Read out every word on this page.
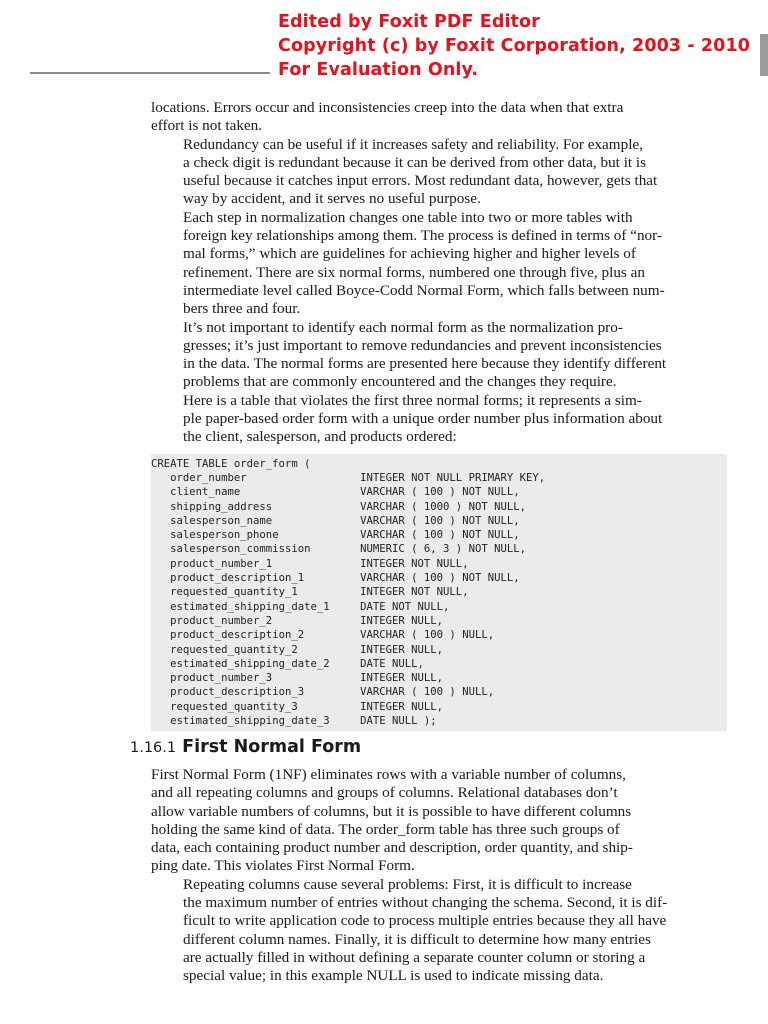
Edited by Foxit PDF Editor
Copyright (c) by Foxit Corporation, 2003 - 2010
For Evaluation Only.

locations. Errors occur and inconsistencies creep into the data when that extra
effort is not taken.

Redundancy can be useful if it increases safety and reliability. For example,
a check digit is redundant because it can be derived from other data, but it is
useful because it catches input errors. Most redundant data, however, gets that
way by accident, and it serves no useful purpose.

Each step in normalization changes one table into two or more tables with
foreign key relationships among them. The process is defined in terms of “nor-
mal forms,” which are guidelines for achieving higher and higher levels of
refinement. There are six normal forms, numbered one through five, plus an
intermediate level called Boyce-Codd Normal Form, which falls between num-
bers three and four.

It’s not important to identify each normal form as the normalization pro-
gresses; it’s just important to remove redundancies and prevent inconsistencies
in the data. The normal forms are presented here because they identify different
problems that are commonly encountered and the changes they require.

Here is a table that violates the first three normal forms; it represents a sim-
ple paper-based order form with a unique order number plus information about
the client, salesperson, and products ordered:

CREATE TABLE order_form (

order_number	INTEGER NOT NULL PRIMARY KEY,

client_name	VARCHAR ( 100 ) NOT NULL,

shipping_address	VARCHAR ( 1000 ) NOT NULL,

salesperson_name	VARCHAR ( 100 ) NOT NULL,

salesperson_phone	VARCHAR ( 100 ) NOT NULL,

salesperson_commission	NUMERIC ( 6, 3 ) NOT NULL,

product_number_1	INTEGER NOT NULL,

product_description_1	VARCHAR ( 100 ) NOT NULL,

requested_quantity_1	INTEGER NOT NULL,

estimated_shipping_date_1	DATE NOT NULL,

product_number_2	INTEGER NULL,

product_description_2	VARCHAR ( 100 ) NULL,

requested_quantity_2	INTEGER NULL,

estimated_shipping_date_2	DATE NULL,

product_number_3	INTEGER NULL,

product_description_3	VARCHAR ( 100 ) NULL,

requested_quantity_3	INTEGER NULL,

estimated_shipping_date_3	DATE NULL );
1.16.1 First Normal Form

First Normal Form (1NF) eliminates rows with a variable number of columns,
and all repeating columns and groups of columns. Relational databases don’t
allow variable numbers of columns, but it is possible to have different columns
holding the same kind of data. The order_form table has three such groups of
data, each containing product number and description, order quantity, and ship-
ping date. This violates First Normal Form.

Repeating columns cause several problems: First, it is difficult to increase
the maximum number of entries without changing the schema. Second, it is dif-
ficult to write application code to process multiple entries because they all have
different column names. Finally, it is difficult to determine how many entries
are actually filled in without defining a separate counter column or storing a
special value; in this example NULL is used to indicate missing data.
